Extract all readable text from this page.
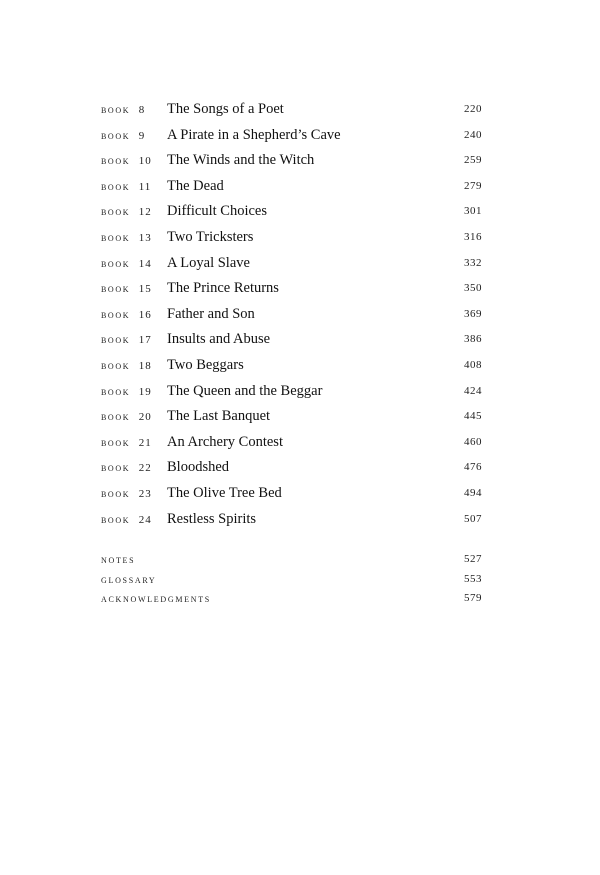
book  8 The Songs of a Poet	220
book  9 A Pirate in a Shepherd’s Cave	240
book  10 The Winds and the Witch	259
book  11 The Dead	279
book  12 Difficult Choices	301
book  13 Two Tricksters	316
book  14 A Loyal Slave	332
book  15 The Prince Returns	350
book  16 Father and Son	369
book  17 Insults and Abuse	386
book  18 Two Beggars	408
book  19 The Queen and the Beggar	424
book  20 The Last Banquet	445
book  21 An Archery Contest	460
book  22 Bloodshed	476
book  23 The Olive Tree Bed	494
book  24 Restless Spirits	507
notes	527
glossary	553
acknowledgments	579
